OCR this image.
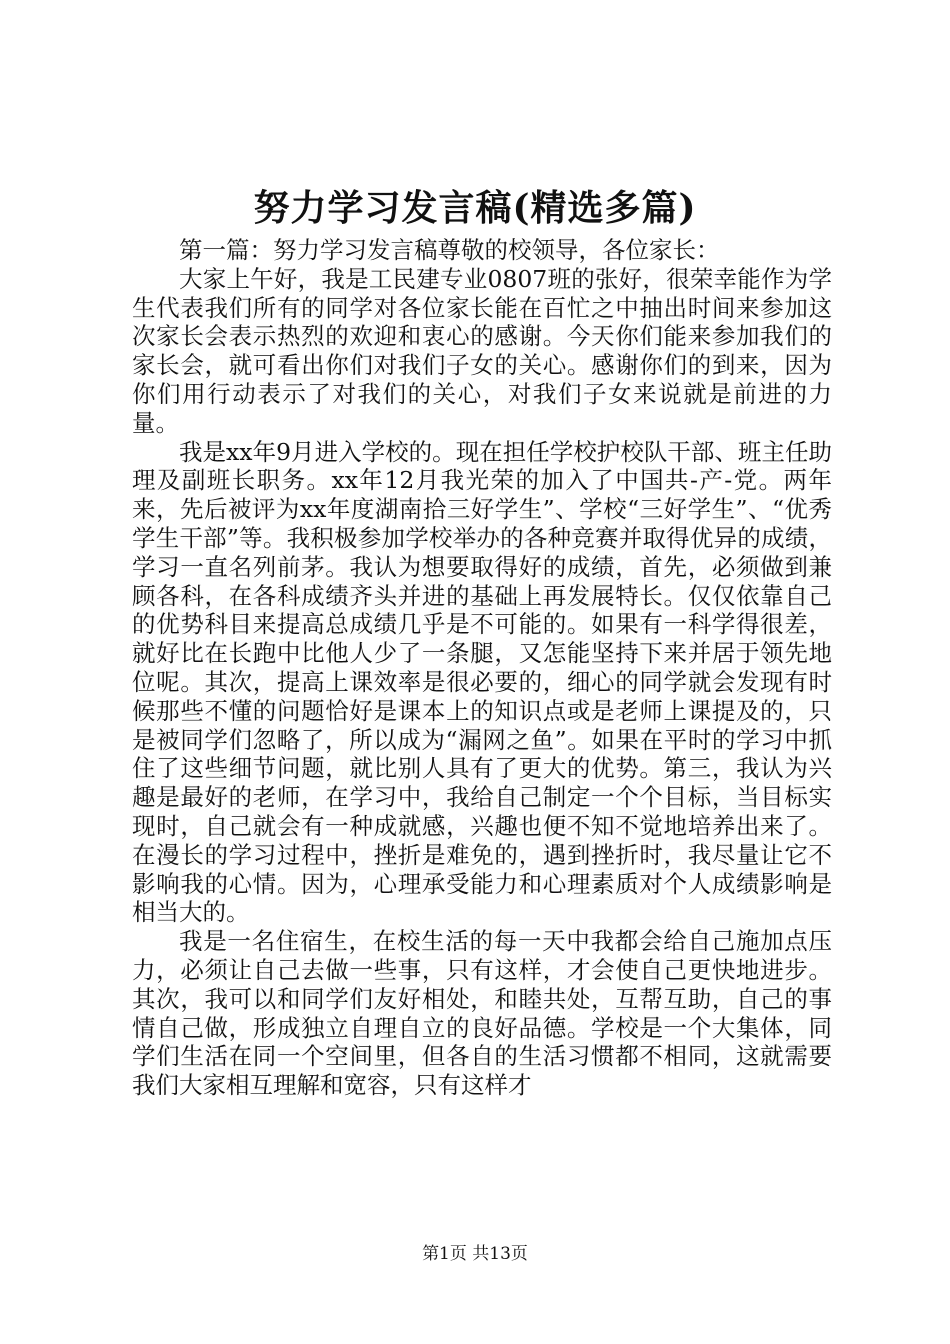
努力学习发言稿(精选多篇)

第一篇：努力学习发言稿尊敬的校领导，各位家长：

大家上午好，我是工民建专业0807班的张好，很荣幸能作为学生代表我们所有的同学对各位家长能在百忙之中抽出时间来参加这次家长会表示热烈的欢迎和衷心的感谢。今天你们能来参加我们的家长会，就可看出你们对我们子女的关心。感谢你们的到来，因为你们用行动表示了对我们的关心，对我们子女来说就是前进的力量。

我是xx年9月进入学校的。现在担任学校护校队干部、班主任助理及副班长职务。xx年12月我光荣的加入了中国共-产-党。两年来，先后被评为xx年度湖南拾三好学生”、学校“三好学生”、“优秀学生干部”等。我积极参加学校举办的各种竞赛并取得优异的成绩，学习一直名列前茅。我认为想要取得好的成绩，首先，必须做到兼顾各科，在各科成绩齐头并进的基础上再发展特长。仅仅依靠自己的优势科目来提高总成绩几乎是不可能的。如果有一科学得很差，就好比在长跑中比他人少了一条腿，又怎能坚持下来并居于领先地位呢。其次，提高上课效率是很必要的，细心的同学就会发现有时候那些不懂的问题恰好是课本上的知识点或是老师上课提及的，只是被同学们忽略了，所以成为“漏网之鱼”。如果在平时的学习中抓住了这些细节问题，就比别人具有了更大的优势。第三，我认为兴趣是最好的老师，在学习中，我给自己制定一个个目标，当目标实现时，自己就会有一种成就感，兴趣也便不知不觉地培养出来了。在漫长的学习过程中，挫折是难免的，遇到挫折时，我尽量让它不影响我的心情。因为，心理承受能力和心理素质对个人成绩影响是相当大的。

我是一名住宿生，在校生活的每一天中我都会给自己施加点压力，必须让自己去做一些事，只有这样，才会使自己更快地进步。其次，我可以和同学们友好相处，和睦共处，互帮互助，自己的事情自己做，形成独立自理自立的良好品德。学校是一个大集体，同学们生活在同一个空间里，但各自的生活习惯都不相同，这就需要我们大家相互理解和宽容，只有这样才

第1页 共13页
